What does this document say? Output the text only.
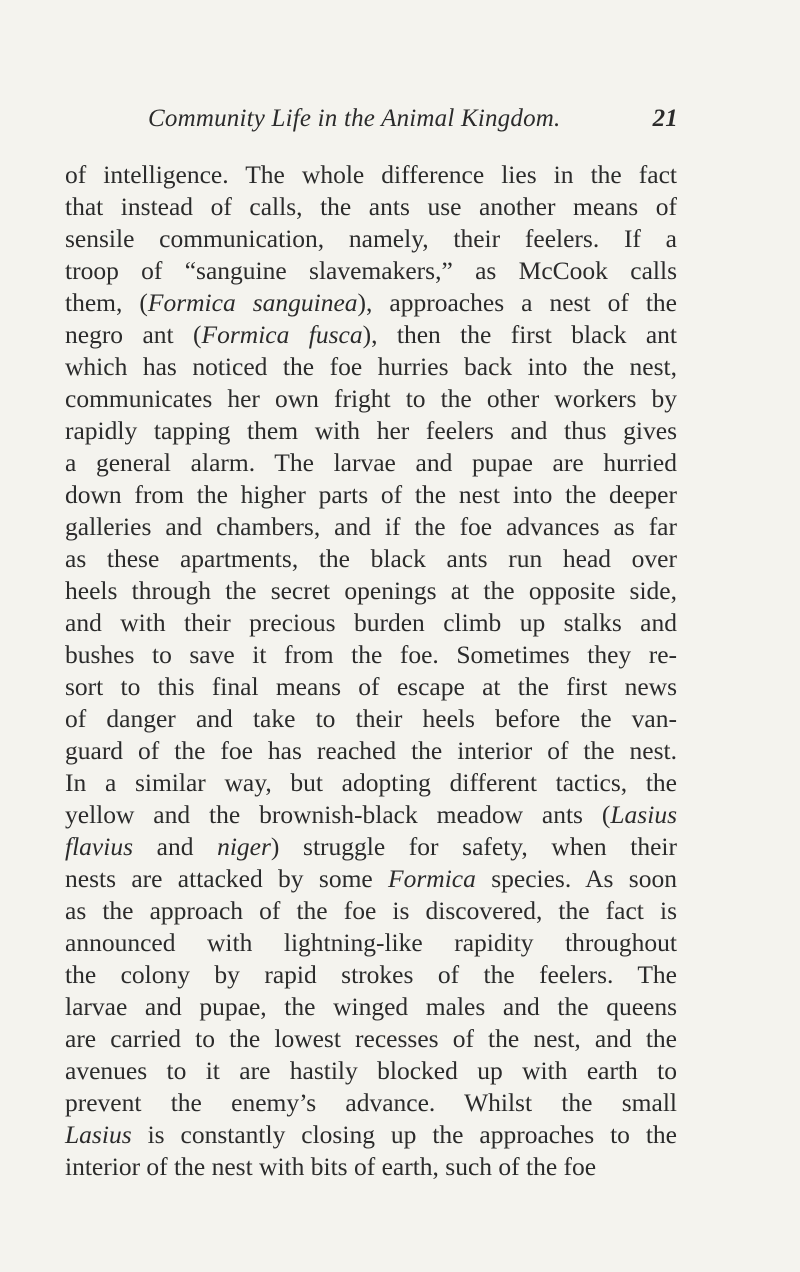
Community Life in the Animal Kingdom.	21
of intelligence. The whole difference lies in the fact
that instead of calls, the ants use another means of
sensile communication, namely, their feelers. If a
troop of “sanguine slavemakers,” as McCook calls
them, (Formica sanguinea), approaches a nest of the
negro ant (Formica fusca), then the first black ant
which has noticed the foe hurries back into the nest,
communicates her own fright to the other workers by
rapidly tapping them with her feelers and thus gives
a general alarm. The larvae and pupae are hurried
down from the higher parts of the nest into the deeper
galleries and chambers, and if the foe advances as far
as these apartments, the black ants run head over
heels through the secret openings at the opposite side,
and with their precious burden climb up stalks and
bushes to save it from the foe. Sometimes they re-
sort to this final means of escape at the first news
of danger and take to their heels before the van-
guard of the foe has reached the interior of the nest.
In a similar way, but adopting different tactics, the
yellow and the brownish-black meadow ants (Lasius
flavius and niger) struggle for safety, when their
nests are attacked by some Formica species. As soon
as the approach of the foe is discovered, the fact is
announced with lightning-like rapidity throughout
the colony by rapid strokes of the feelers. The
larvae and pupae, the winged males and the queens
are carried to the lowest recesses of the nest, and the
avenues to it are hastily blocked up with earth to
prevent the enemy’s advance. Whilst the small
Lasius is constantly closing up the approaches to the
interior of the nest with bits of earth, such of the foe
